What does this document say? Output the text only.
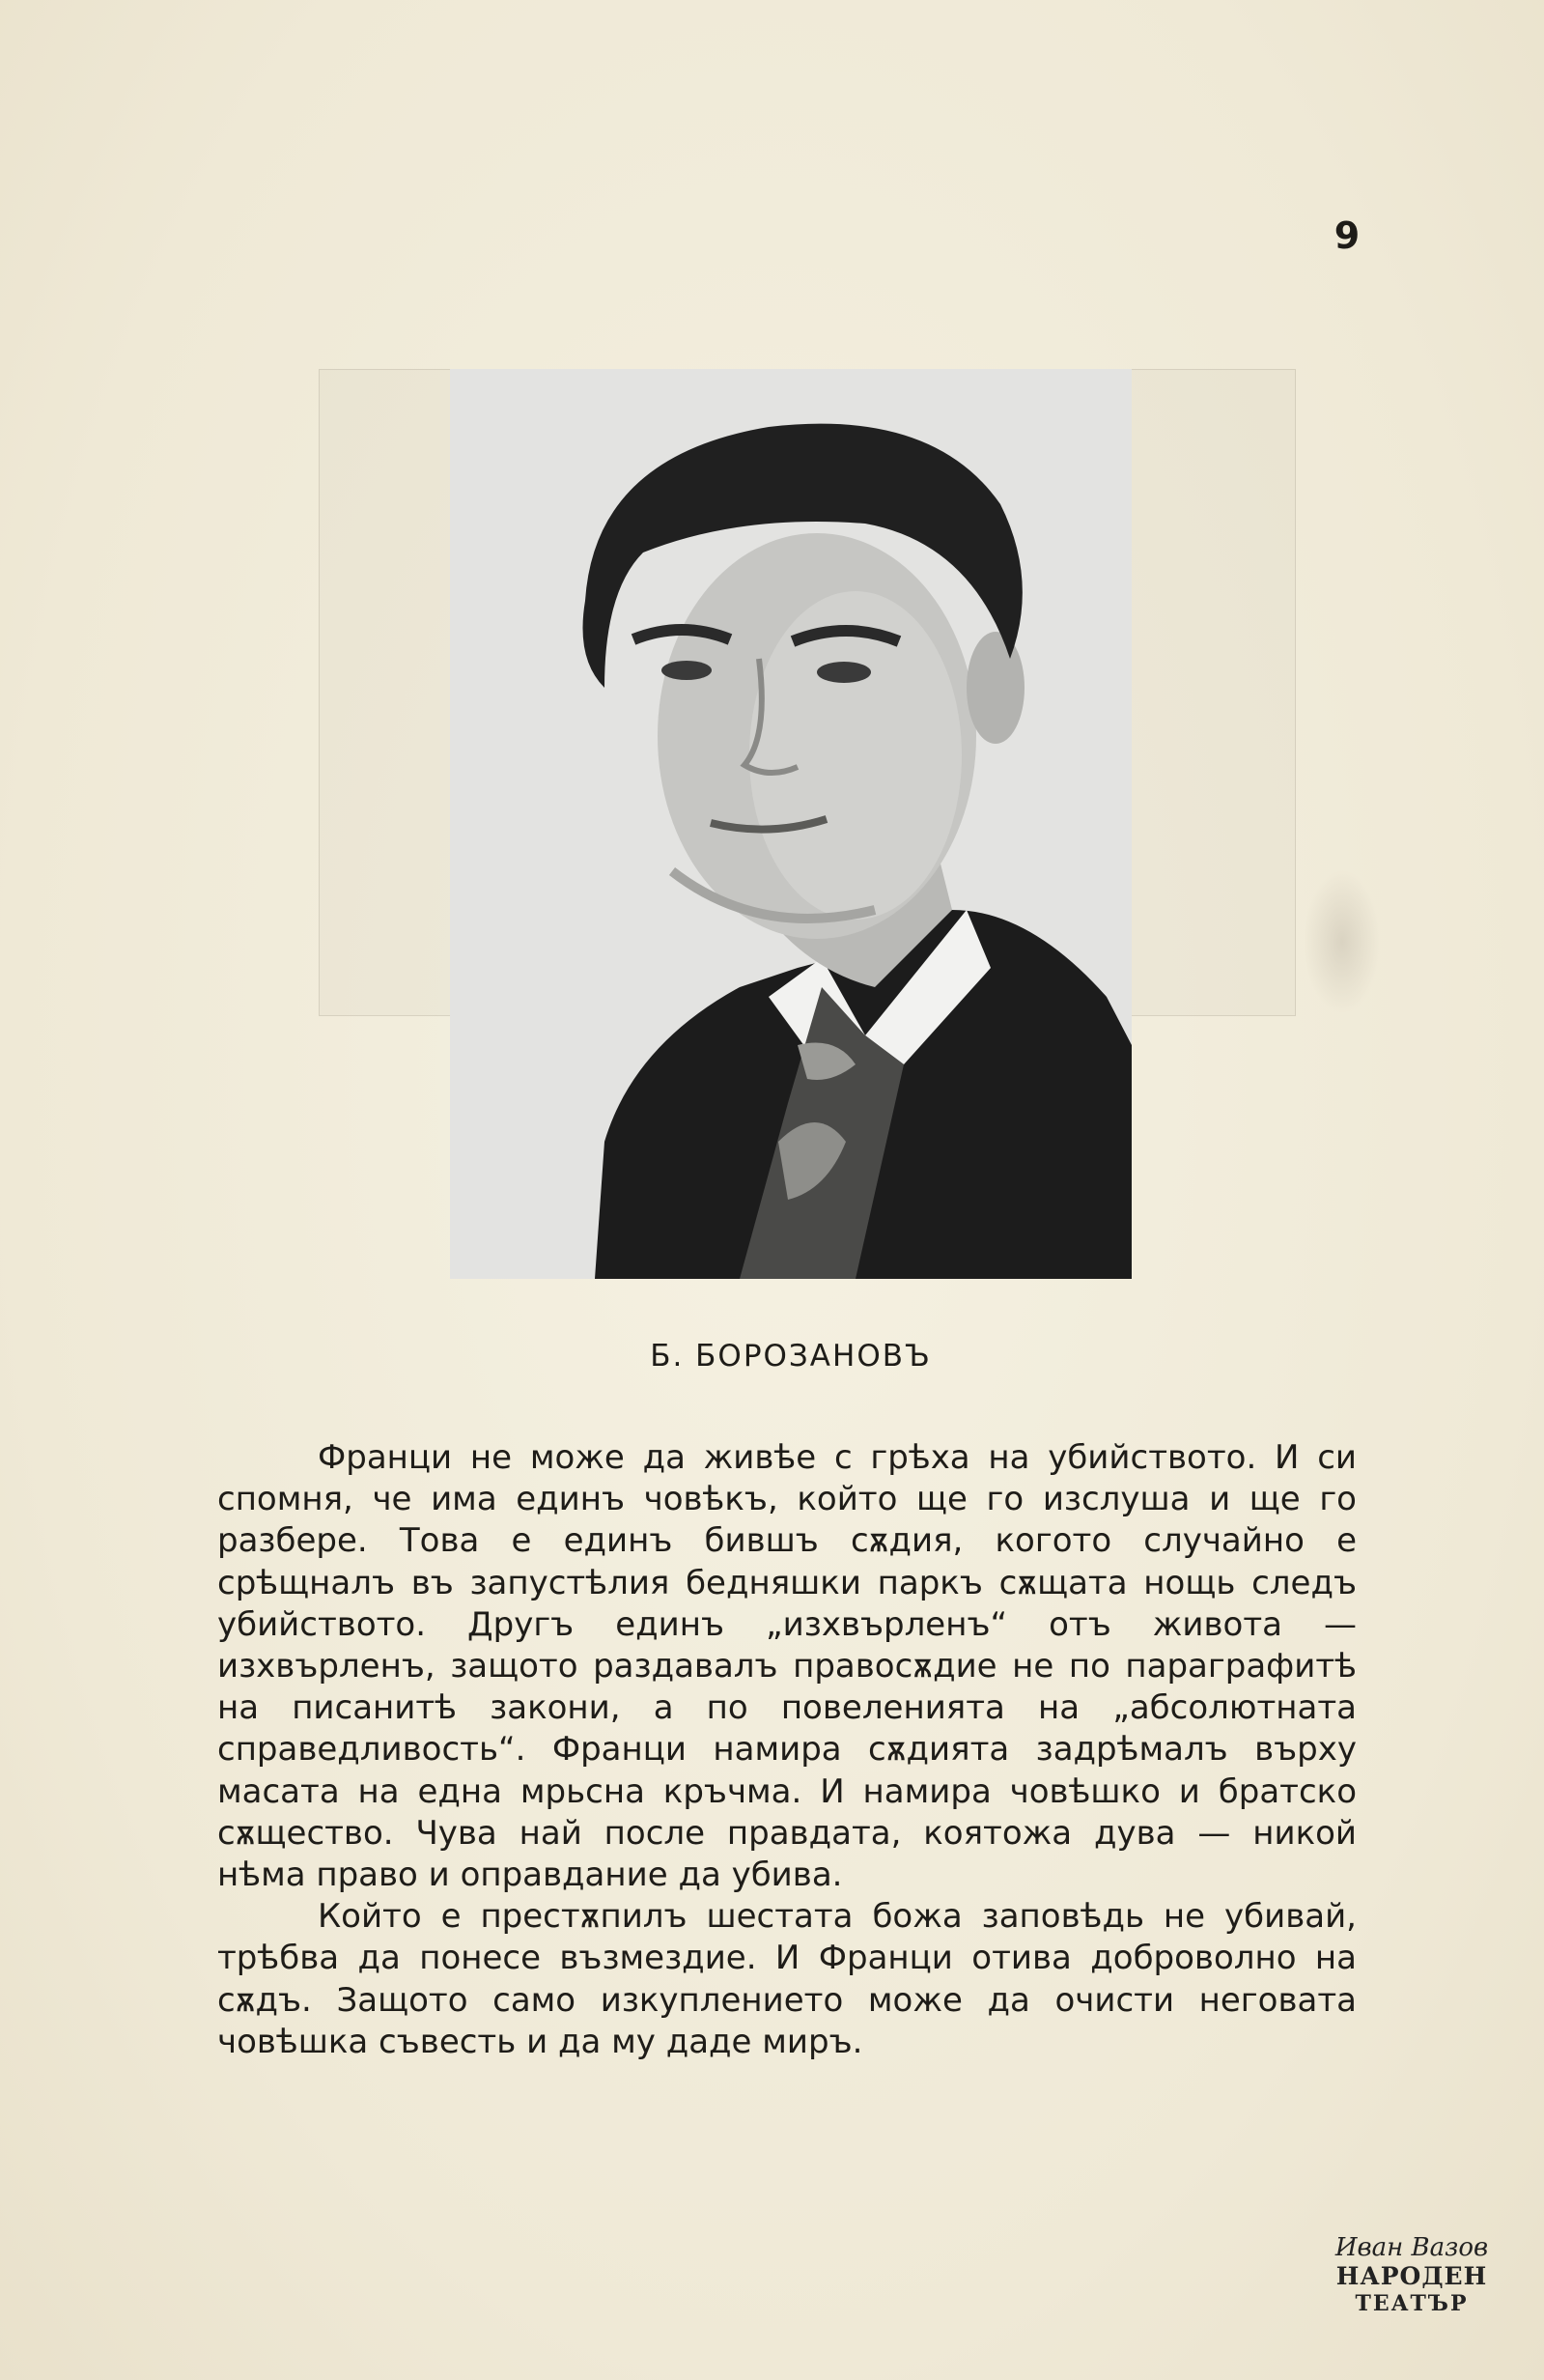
9
Б. БОРОЗАНОВЪ

Франци не може да живѣе с грѣха на убийството. И си спомня, че има единъ човѣкъ, който ще го изслуша и ще го разбере. Това е единъ бившъ сѫдия, когото случайно е срѣщналъ въ запустѣлия бедняшки паркъ сѫщата нощь следъ убийството. Другъ единъ „изхвърленъ“ отъ живота — изхвърленъ, защото раздавалъ правосѫдие не по параграфитѣ на писанитѣ закони, а по повеленията на „абсолютната справедливость“. Франци намира сѫдията задрѣмалъ върху масата на една мрьсна кръчма. И намира човѣшко и братско сѫщество. Чува най после правдата, коятожа дува — никой нѣма право и оправдание да убива.

Който е престѫпилъ шестата божа заповѣдь не убивай, трѣбва да понесе възмездие. И Франци отива доброволно на сѫдъ. Защото само изкуплението може да очисти неговата човѣшка съвесть и да му даде миръ.

Иван Вазов
НАРОДЕН
ТЕАТЪР
